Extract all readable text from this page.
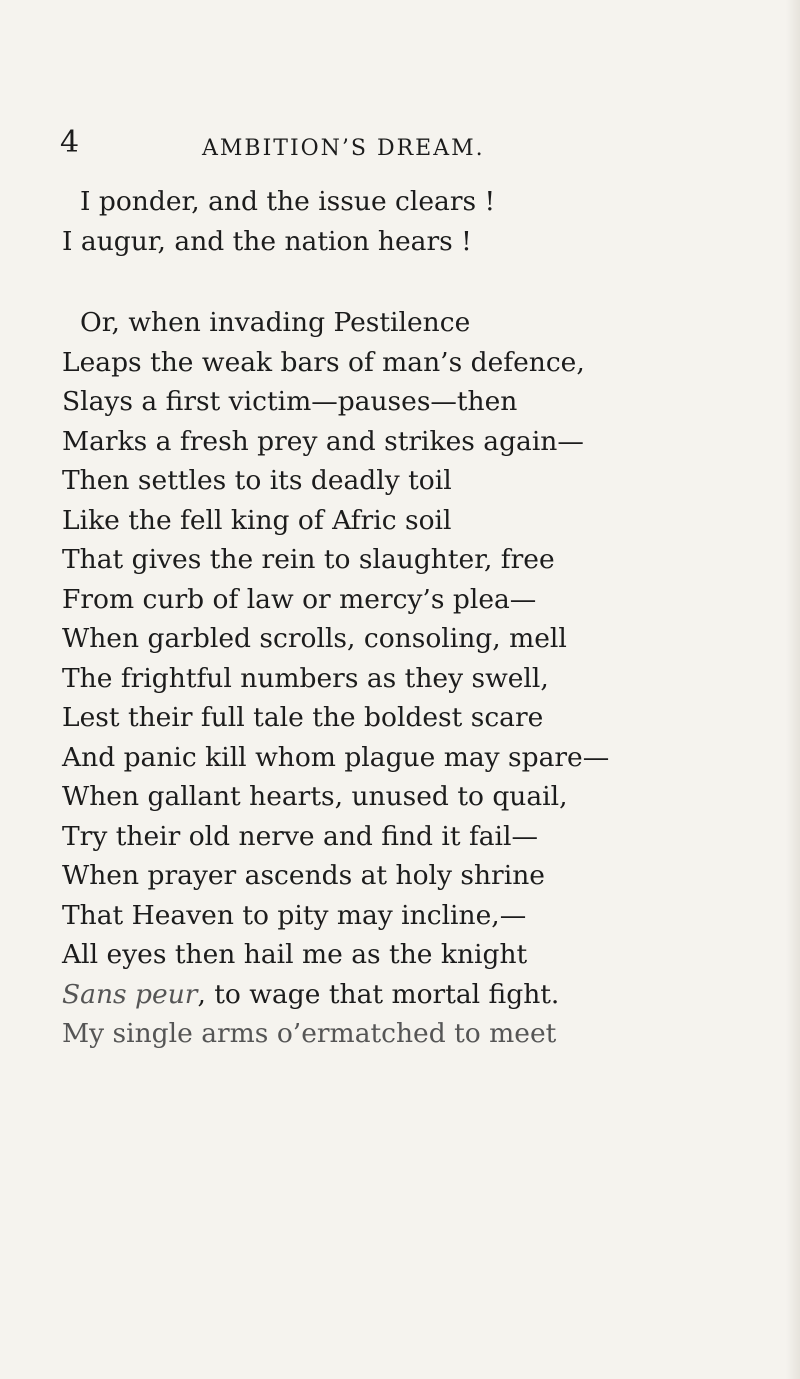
4	AMBITION’S DREAM.
I ponder, and the issue clears !
I augur, and the nation hears !
Or, when invading Pestilence
Leaps the weak bars of man’s defence,
Slays a first victim—pauses—then
Marks a fresh prey and strikes again—
Then settles to its deadly toil
Like the fell king of Afric soil
That gives the rein to slaughter, free
From curb of law or mercy’s plea—
When garbled scrolls, consoling, mell
The frightful numbers as they swell,
Lest their full tale the boldest scare
And panic kill whom plague may spare—
When gallant hearts, unused to quail,
Try their old nerve and find it fail—
When prayer ascends at holy shrine
That Heaven to pity may incline,—
All eyes then hail me as the knight
Sans peur, to wage that mortal fight.
My single arms o’ermatched to meet
